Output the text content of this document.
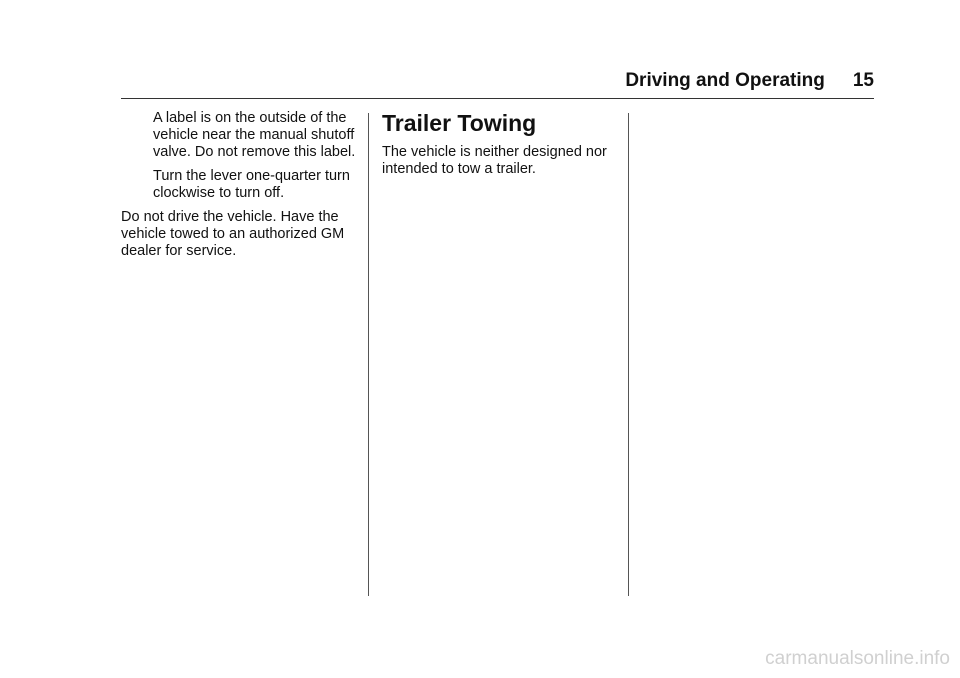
Driving and Operating 15

A label is on the outside of the
vehicle near the manual shutoff
valve. Do not remove this label.

Turn the lever one-quarter turn
clockwise to turn off.

Do not drive the vehicle. Have the
vehicle towed to an authorized GM
dealer for service.

Trailer Towing

The vehicle is neither designed nor
intended to tow a trailer.

carmanualsonline.info
